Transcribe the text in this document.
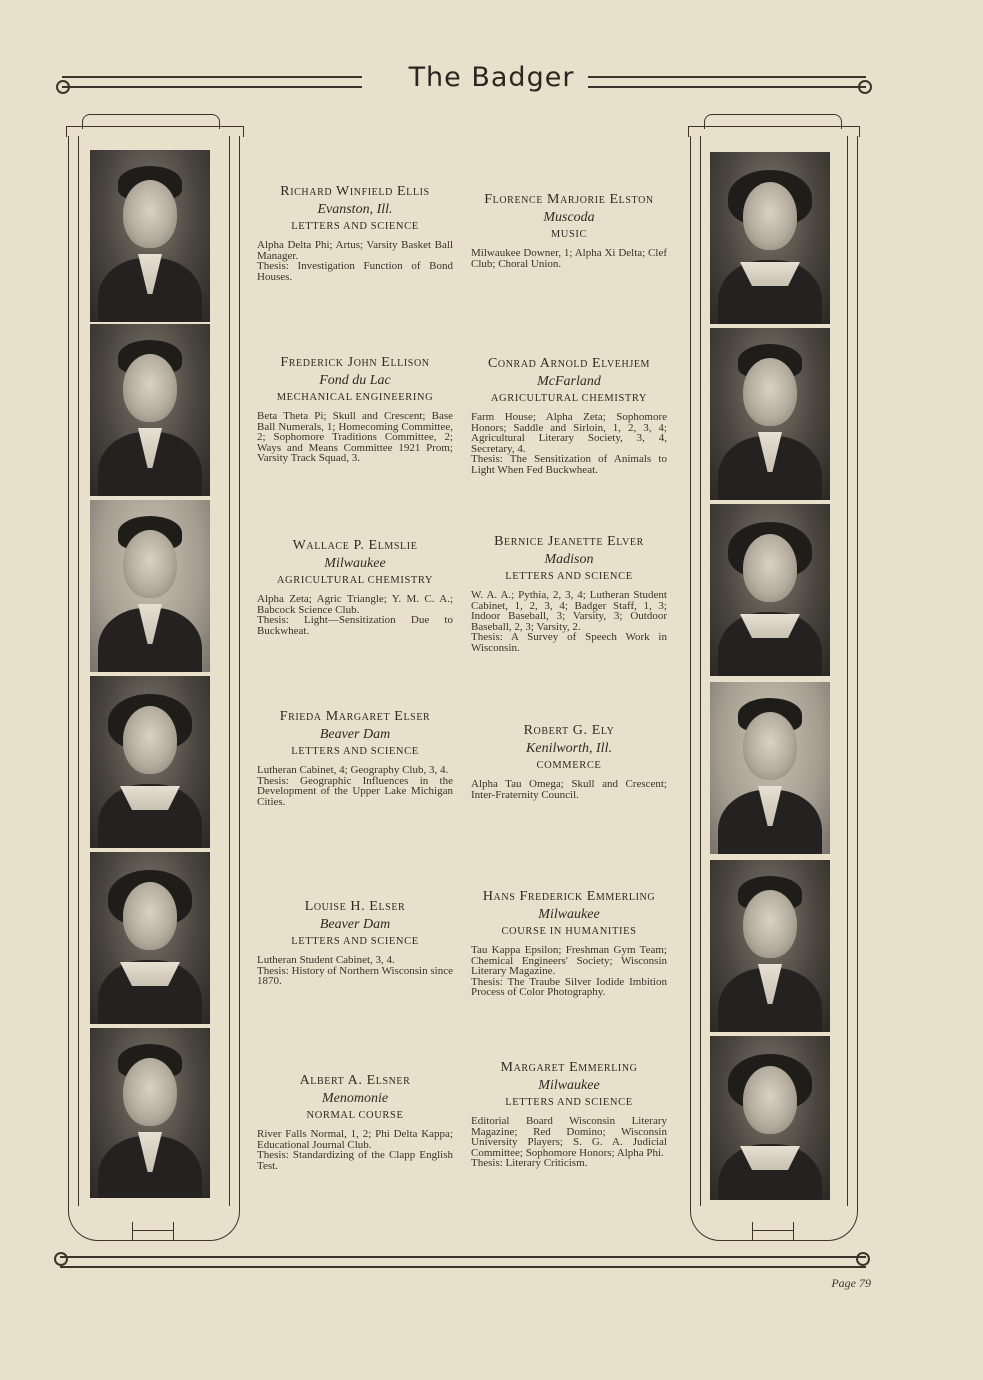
The Badger
Richard Winfield Ellis
Evanston, Ill.
LETTERS AND SCIENCE
Alpha Delta Phi; Artus; Varsity Basket Ball Manager.
Thesis: Investigation Function of Bond Houses.
Frederick John Ellison
Fond du Lac
MECHANICAL ENGINEERING
Beta Theta Pi; Skull and Crescent; Base Ball Numerals, 1; Homecoming Committee, 2; Sophomore Traditions Committee, 2; Ways and Means Committee 1921 Prom; Varsity Track Squad, 3.
Wallace P. Elmslie
Milwaukee
AGRICULTURAL CHEMISTRY
Alpha Zeta; Agric Triangle; Y. M. C. A.; Babcock Science Club.
Thesis: Light—Sensitization Due to Buckwheat.
Frieda Margaret Elser
Beaver Dam
LETTERS AND SCIENCE
Lutheran Cabinet, 4; Geography Club, 3, 4.
Thesis: Geographic Influences in the Development of the Upper Lake Michigan Cities.
Louise H. Elser
Beaver Dam
LETTERS AND SCIENCE
Lutheran Student Cabinet, 3, 4.
Thesis: History of Northern Wisconsin since 1870.
Albert A. Elsner
Menomonie
NORMAL COURSE
River Falls Normal, 1, 2; Phi Delta Kappa; Educational Journal Club.
Thesis: Standardizing of the Clapp English Test.
Florence Marjorie Elston
Muscoda
MUSIC
Milwaukee Downer, 1; Alpha Xi Delta; Clef Club; Choral Union.
Conrad Arnold Elvehjem
McFarland
AGRICULTURAL CHEMISTRY
Farm House; Alpha Zeta; Sophomore Honors; Saddle and Sirloin, 1, 2, 3, 4; Agricultural Literary Society, 3, 4, Secretary, 4.
Thesis: The Sensitization of Animals to Light When Fed Buckwheat.
Bernice Jeanette Elver
Madison
LETTERS AND SCIENCE
W. A. A.; Pythia, 2, 3, 4; Lutheran Student Cabinet, 1, 2, 3, 4; Badger Staff, 1, 3; Indoor Baseball, 3; Varsity, 3; Outdoor Baseball, 2, 3; Varsity, 2.
Thesis: A Survey of Speech Work in Wisconsin.
Robert G. Ely
Kenilworth, Ill.
COMMERCE
Alpha Tau Omega; Skull and Crescent; Inter-Fraternity Council.
Hans Frederick Emmerling
Milwaukee
COURSE IN HUMANITIES
Tau Kappa Epsilon; Freshman Gym Team; Chemical Engineers' Society; Wisconsin Literary Magazine.
Thesis: The Traube Silver Iodide Imbition Process of Color Photography.
Margaret Emmerling
Milwaukee
LETTERS AND SCIENCE
Editorial Board Wisconsin Literary Magazine; Red Domino; Wisconsin University Players; S. G. A. Judicial Committee; Sophomore Honors; Alpha Phi.
Thesis: Literary Criticism.
Page 79
